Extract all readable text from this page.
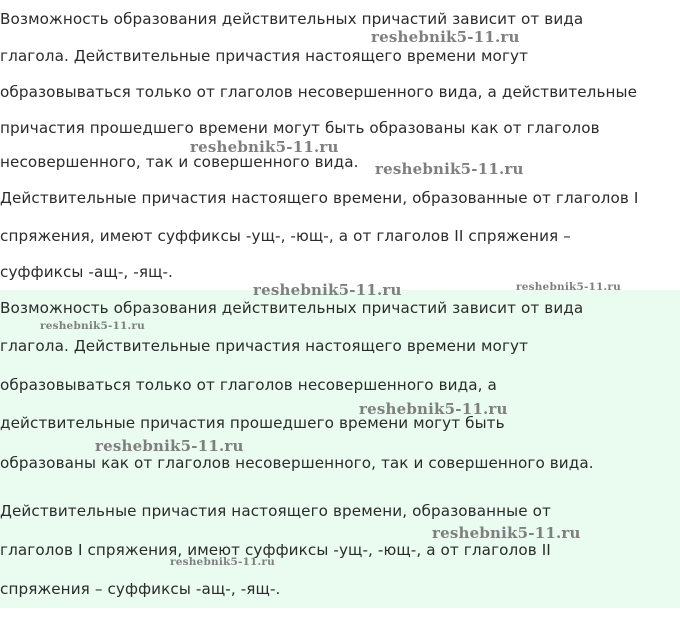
Возможность образования действительных причастий зависит от вида
глагола. Действительные причастия настоящего времени могут
образовываться только от глаголов несовершенного вида, а действительные
причастия прошедшего времени могут быть образованы как от глаголов
несовершенного, так и совершенного вида.
Действительные причастия настоящего времени, образованные от глаголов I
спряжения, имеют суффиксы -ущ-, -ющ-, а от глаголов II спряжения –
суффиксы -ащ-, -ящ-.
Возможность образования действительных причастий зависит от вида
глагола. Действительные причастия настоящего времени могут
образовываться только от глаголов несовершенного вида, а
действительные причастия прошедшего времени могут быть
образованы как от глаголов несовершенного, так и совершенного вида.
Действительные причастия настоящего времени, образованные от
глаголов I спряжения, имеют суффиксы -ущ-, -ющ-, а от глаголов II
спряжения – суффиксы -ащ-, -ящ-.
reshebnik5-11.ru
reshebnik5-11.ru
reshebnik5-11.ru
reshebnik5-11.ru	reshebnik5-11.ru
reshebnik5-11.ru
reshebnik5-11.ru
reshebnik5-11.ru
reshebnik5-11.ru
reshebnik5-11.ru
